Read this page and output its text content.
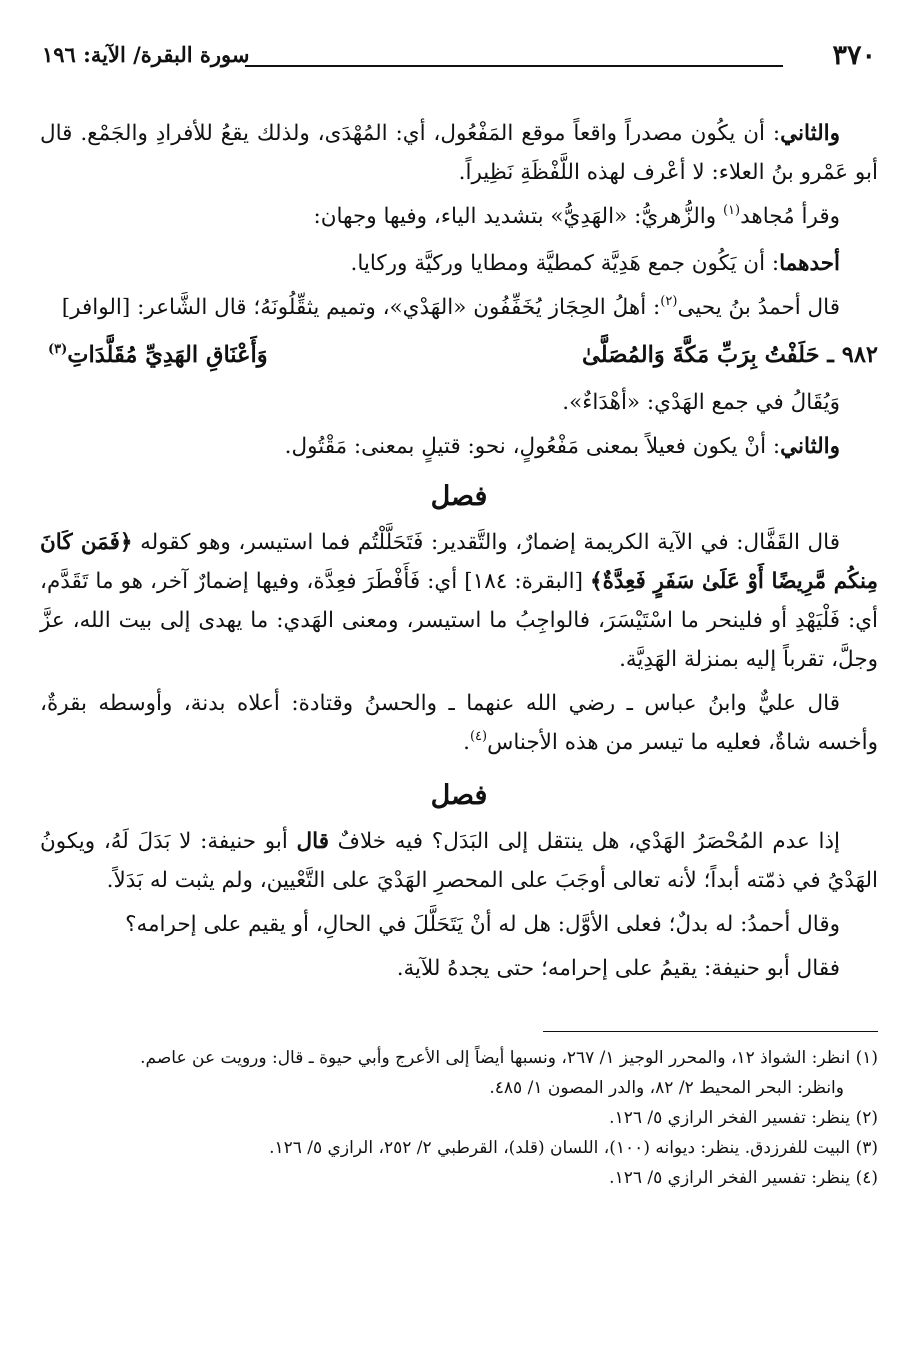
٣٧٠
سورة البقرة/ الآية: ١٩٦

والثاني: أن يكُون مصدراً واقعاً موقع المَفْعُول، أي: المُهْدَى، ولذلك يقعُ للأفرادِ والجَمْع. قال أبو عَمْرو بنُ العلاء: لا أعْرف لهذه اللَّفْظَةِ نَظِيراً.

وقرأ مُجاهد$^{(١)}$ والزُّهريُّ: «الهَدِيُّ» بتشديد الياء، وفيها وجهان:

أحدهما: أن يَكُون جمع هَدِيَّة كمطيَّة ومطايا وركيَّة وركايا.

قال أحمدُ بنُ يحيى$^{(٢)}$: أهلُ الحِجَاز يُخَفِّفُون «الهَدْي»، وتميم يثقِّلُونَهُ؛ قال الشَّاعر: [الوافر]

٩٨٢ ـ حَلَفْتُ بِرَبِّ مَكَّةَ وَالمُصَلَّىٰ
وَأَعْنَاقِ الهَدِيِّ مُقَلَّدَاتِ$^{(٣)}$

وَيُقَالُ في جمع الهَدْي: «أهْدَاءٌ».

والثاني: أنْ يكون فعيلاً بمعنى مَفْعُولٍ، نحو: قتيلٍ بمعنى: مَقْتُول.

فصل

قال القَفَّال: في الآية الكريمة إضمارٌ، والتَّقدير: فَتَحَلَّلْتُم فما استيسر، وهو كقوله ﴿فَمَن كَانَ مِنكُم مَّرِيضًا أَوْ عَلَىٰ سَفَرٍ فَعِدَّةٌ﴾ [البقرة: ١٨٤] أي: فَأَفْطَرَ فعِدَّة، وفيها إضمارٌ آخر، هو ما تَقَدَّم، أي: فَلْيَهْدِ أو فلينحر ما اسْتَيْسَرَ، فالواجِبُ ما استيسر، ومعنى الهَدي: ما يهدى إلى بيت الله، عزَّ وجلَّ، تقرباً إليه بمنزلة الهَدِيَّة.

قال عليٌّ وابنُ عباس ـ رضي الله عنهما ـ والحسنُ وقتادة: أعلاه بدنة، وأوسطه بقرةٌ، وأخسه شاةٌ، فعليه ما تيسر من هذه الأجناس$^{(٤)}$.

فصل

إذا عدم المُحْصَرُ الهَدْي، هل ينتقل إلى البَدَل؟ فيه خلافٌ قال أبو حنيفة: لا بَدَلَ لَهُ، ويكونُ الهَدْيُ في ذمّته أبداً؛ لأنه تعالى أوجَبَ على المحصرِ الهَدْيَ على التَّعْيين، ولم يثبت له بَدَلاً.

وقال أحمدُ: له بدلٌ؛ فعلى الأوَّل: هل له أنْ يَتَحَلَّلَ في الحالِ، أو يقيم على إحرامه؟

فقال أبو حنيفة: يقيمُ على إحرامه؛ حتى يجدهُ للآية.

(١) انظر: الشواذ ١٢، والمحرر الوجيز ١/ ٢٦٧، ونسبها أيضاً إلى الأعرج وأبي حيوة ـ قال: ورويت عن عاصم.

وانظر: البحر المحيط ٢/ ٨٢، والدر المصون ١/ ٤٨٥.

(٢) ينظر: تفسير الفخر الرازي ٥/ ١٢٦.

(٣) البيت للفرزدق. ينظر: ديوانه (١٠٠)، اللسان (قلد)، القرطبي ٢/ ٢٥٢، الرازي ٥/ ١٢٦.

(٤) ينظر: تفسير الفخر الرازي ٥/ ١٢٦.
